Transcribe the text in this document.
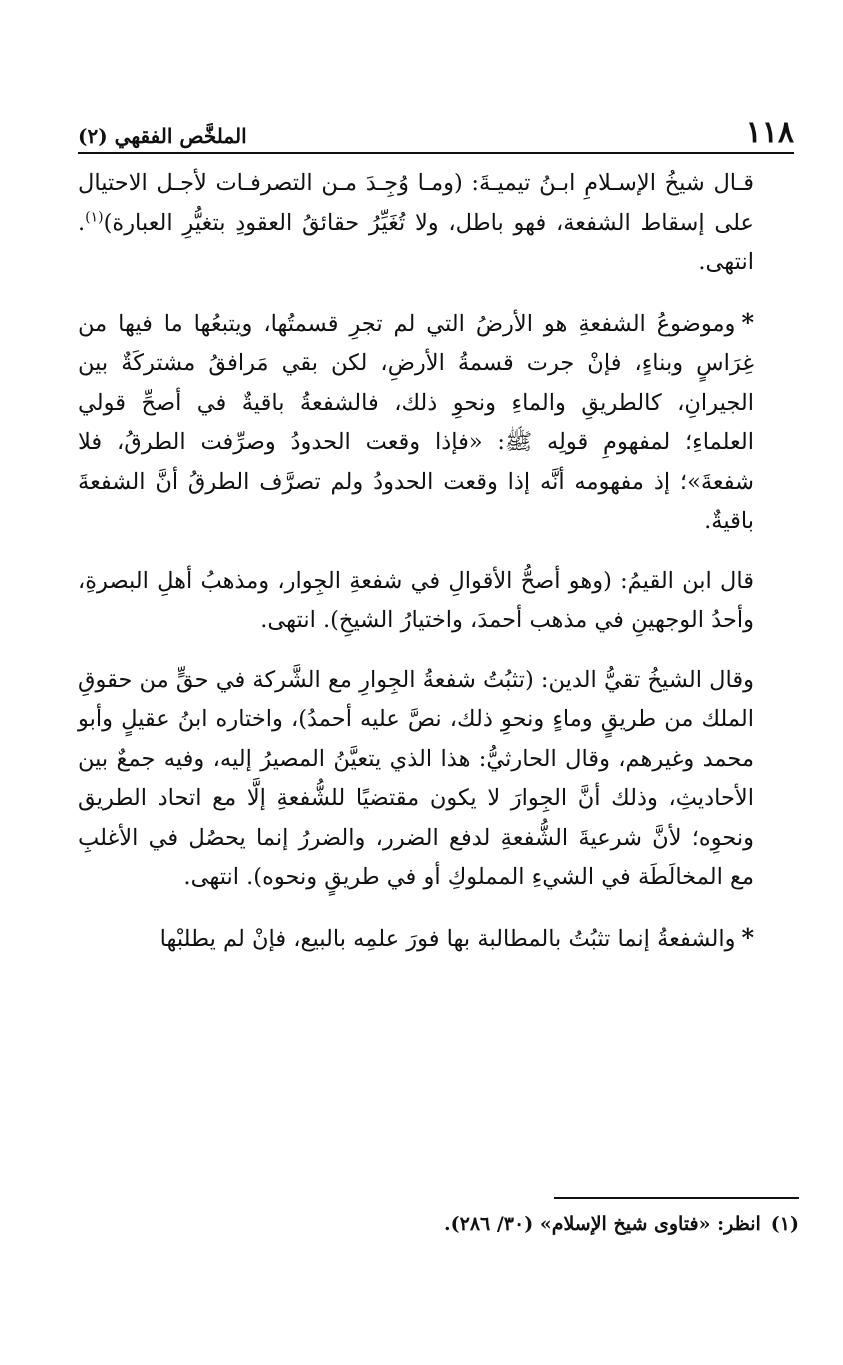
١١٨
الملخَّص الفقهي (٢)

قـال شيخُ الإسـلامِ ابـنُ تيميـةَ: (ومـا وُجِـدَ مـن التصرفـات لأجـل الاحتيال على إسقاط الشفعة، فهو باطل، ولا تُغَيِّرُ حقائقُ العقودِ بتغيُّرِ العبارة)$^{(١)}$. انتهى.

*وموضوعُ الشفعةِ هو الأرضُ التي لم تجرِ قسمتُها، ويتبعُها ما فيها من غِرَاسٍ وبناءٍ، فإنْ جرت قسمةُ الأرضِ، لكن بقي مَرافقُ مشتركَةٌ بين الجيرانِ، كالطريقِ والماءِ ونحوِ ذلك، فالشفعةُ باقيةٌ في أصحِّ قولي العلماءِ؛ لمفهومِ قولِه ﷺ: «فإذا وقعت الحدودُ وصرِّفت الطرقُ، فلا شفعةَ»؛ إذ مفهومه أنَّه إذا وقعت الحدودُ ولم تصرَّف الطرقُ أنَّ الشفعةَ باقيةٌ.

قال ابن القيمُ: (وهو أصحُّ الأقوالِ في شفعةِ الجِوار، ومذهبُ أهلِ البصرةِ، وأحدُ الوجهينِ في مذهب أحمدَ، واختيارُ الشيخِ). انتهى.

وقال الشيخُ تقيُّ الدين: (تثبُتُ شفعةُ الجِوارِ مع الشَّركة في حقٍّ من حقوقِ الملك من طريقٍ وماءٍ ونحوِ ذلك، نصَّ عليه أحمدُ)، واختاره ابنُ عقيلٍ وأبو محمد وغيرهم، وقال الحارثيُّ: هذا الذي يتعيَّنُ المصيرُ إليه، وفيه جمعٌ بين الأحاديثِ، وذلك أنَّ الجِوارَ لا يكون مقتضيًا للشُّفعةِ إلَّا مع اتحاد الطريق ونحوِه؛ لأنَّ شرعيةَ الشُّفعةِ لدفع الضرر، والضررُ إنما يحصُل في الأغلبِ مع المخالَطَة في الشيءِ المملوكِ أو في طريقٍ ونحوه). انتهى.

*والشفعةُ إنما تثبُتُ بالمطالبة بها فورَ علمِه بالبيع، فإنْ لم يطلبْها

(١)انظر: «فتاوى شيخ الإسلام» (٣٠/ ٢٨٦).
